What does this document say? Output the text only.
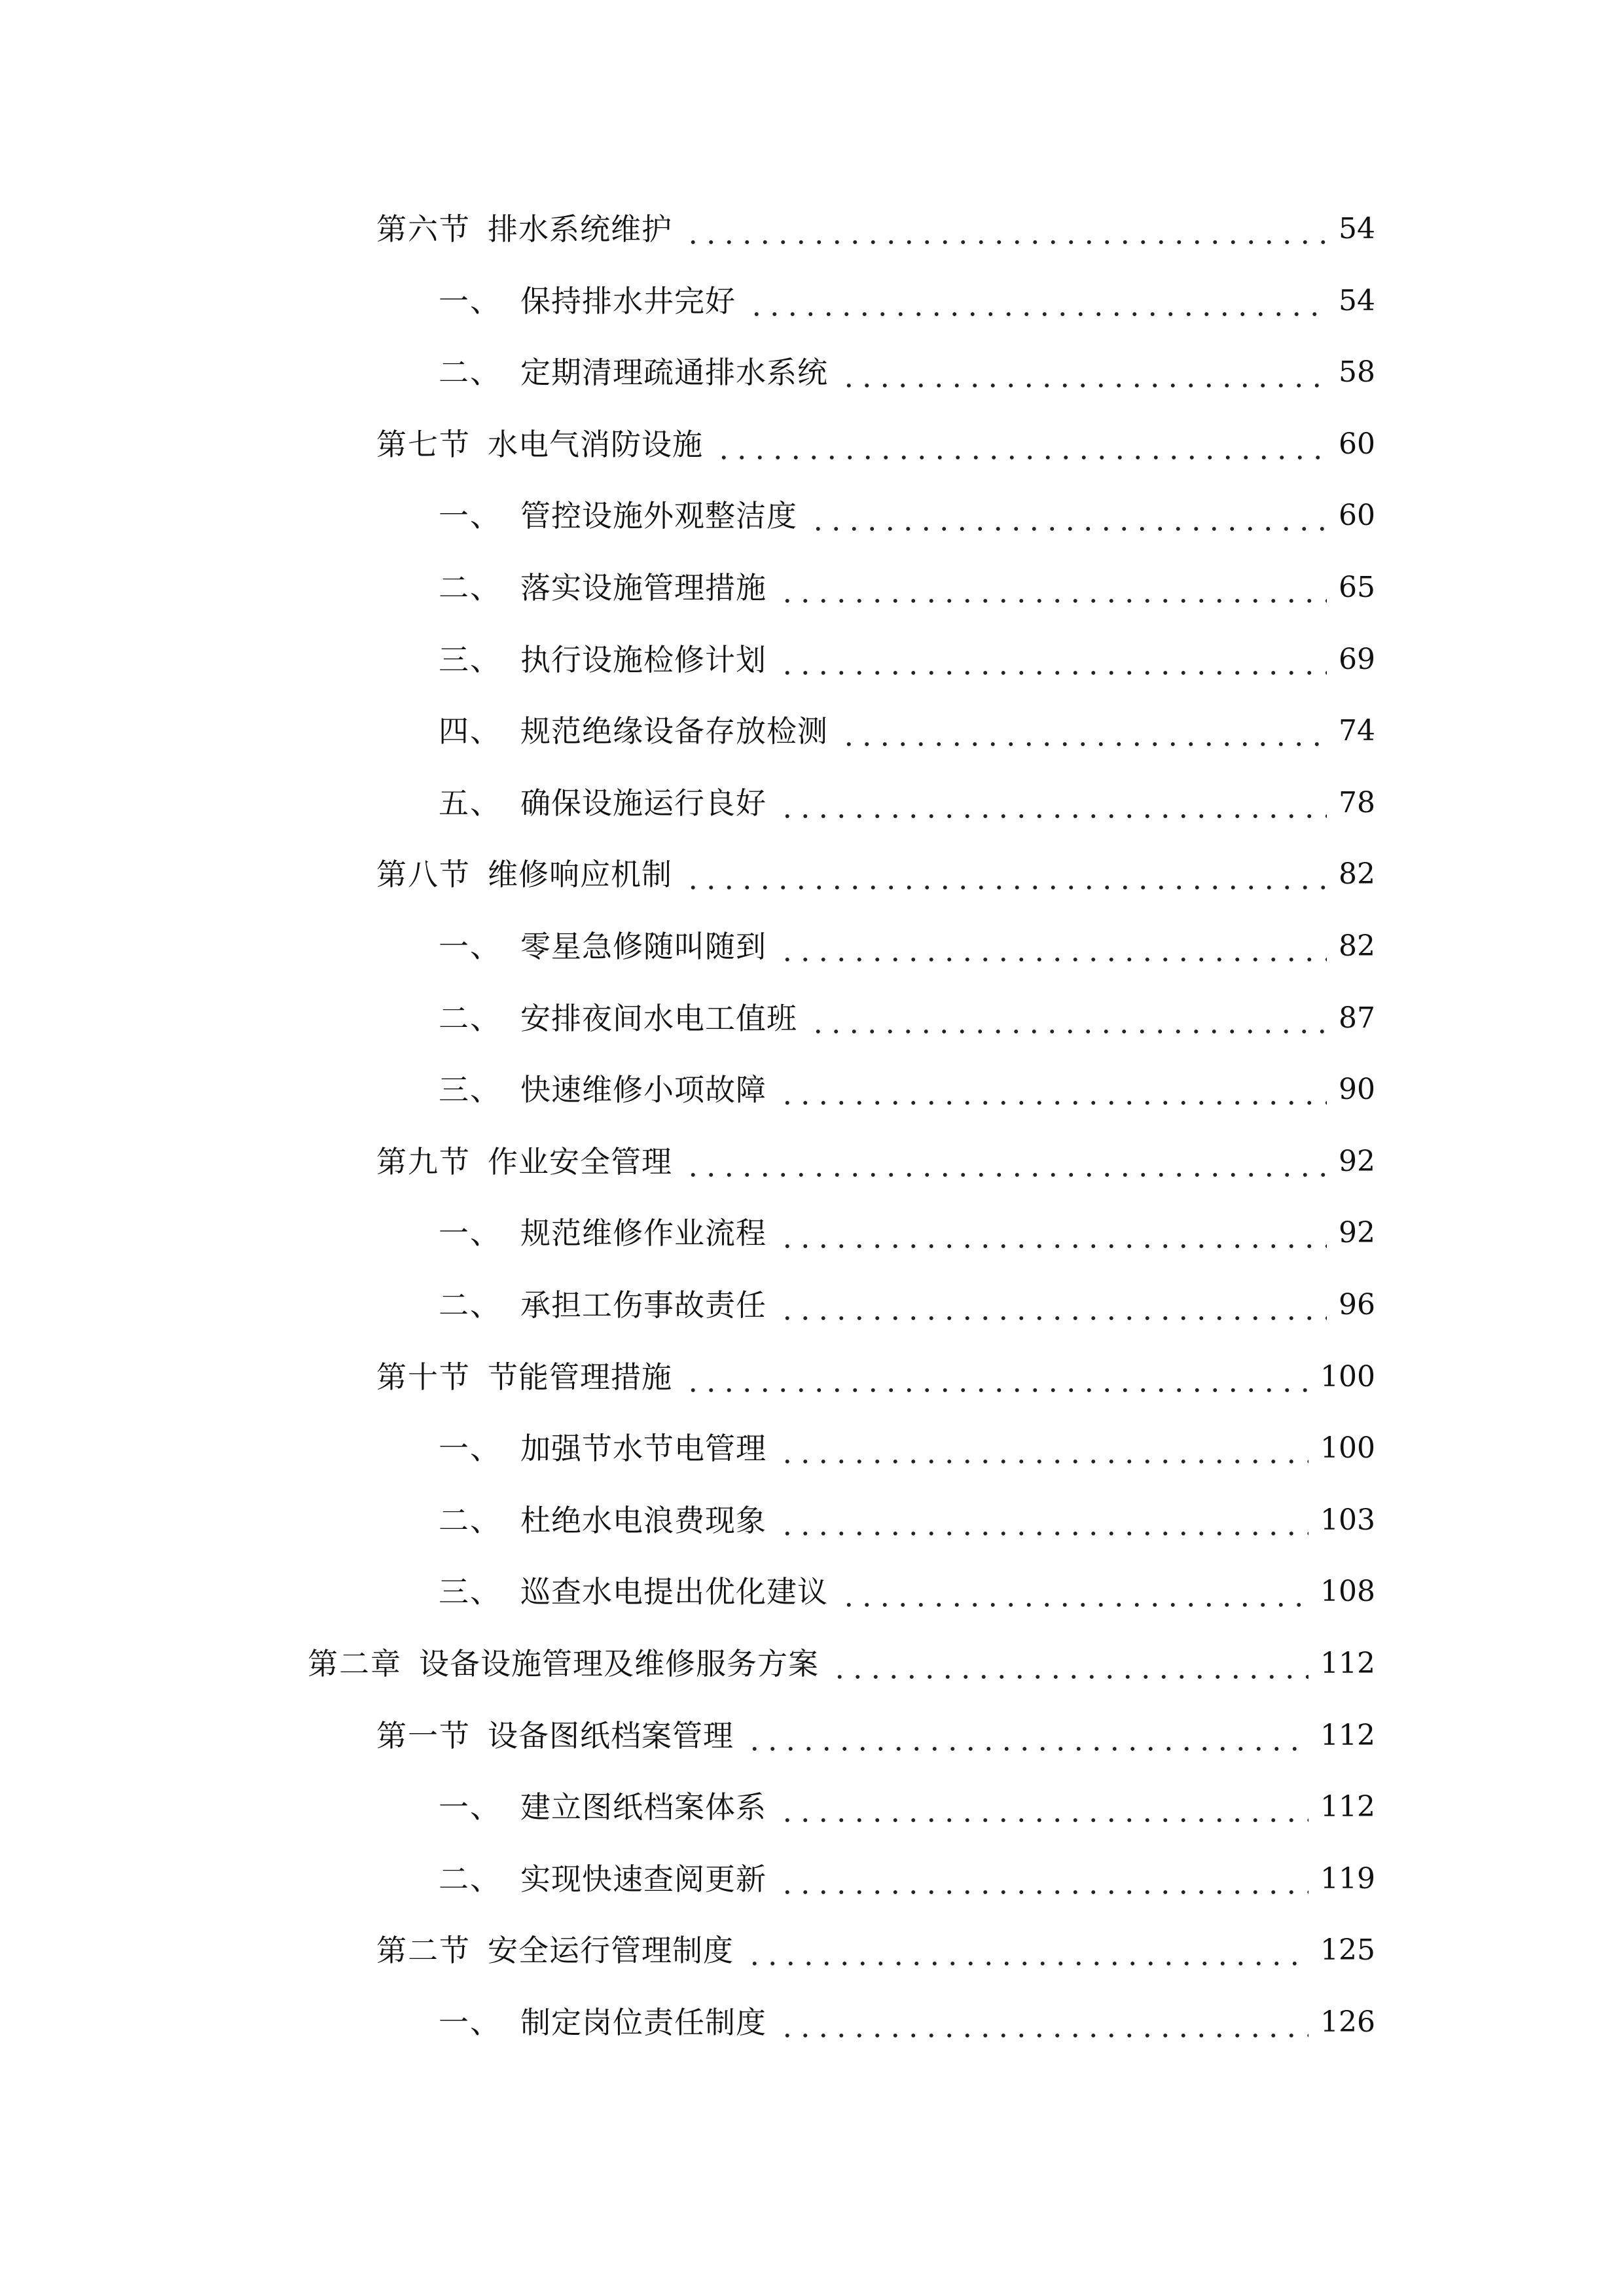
第六节 排水系统维护	54
一、 保持排水井完好	54
二、 定期清理疏通排水系统	58
第七节 水电气消防设施	60
一、 管控设施外观整洁度	60
二、 落实设施管理措施	65
三、 执行设施检修计划	69
四、 规范绝缘设备存放检测	74
五、 确保设施运行良好	78
第八节 维修响应机制	82
一、 零星急修随叫随到	82
二、 安排夜间水电工值班	87
三、 快速维修小项故障	90
第九节 作业安全管理	92
一、 规范维修作业流程	92
二、 承担工伤事故责任	96
第十节 节能管理措施	100
一、 加强节水节电管理	100
二、 杜绝水电浪费现象	103
三、 巡查水电提出优化建议	108
第二章 设备设施管理及维修服务方案	112
第一节 设备图纸档案管理	112
一、 建立图纸档案体系	112
二、 实现快速查阅更新	119
第二节 安全运行管理制度	125
一、 制定岗位责任制度	126
